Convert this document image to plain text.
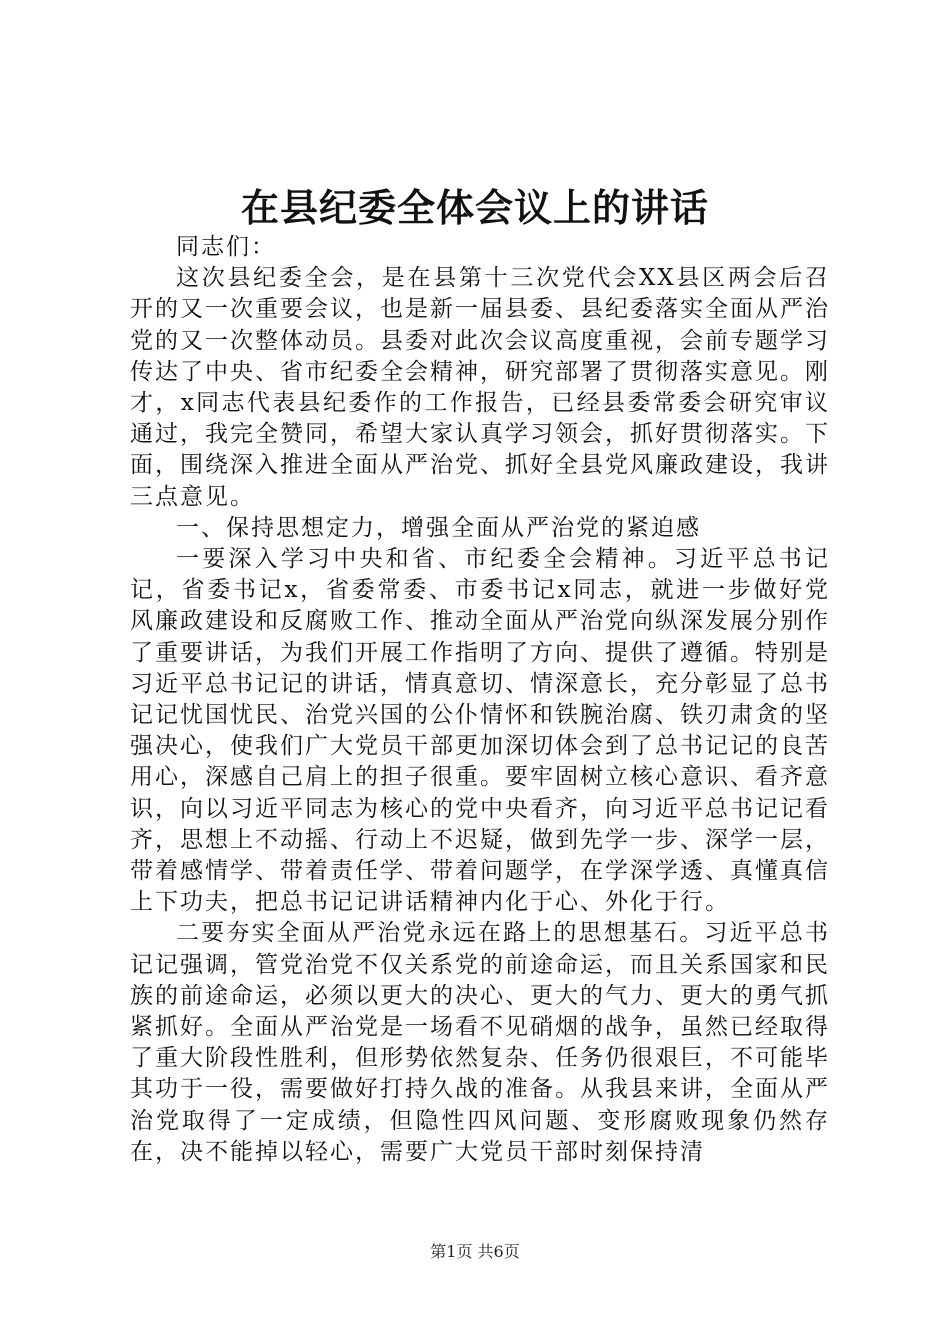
在县纪委全体会议上的讲话

同志们：

这次县纪委全会，是在县第十三次党代会XX县区两会后召开的又一次重要会议，也是新一届县委、县纪委落实全面从严治党的又一次整体动员。县委对此次会议高度重视，会前专题学习传达了中央、省市纪委全会精神，研究部署了贯彻落实意见。刚才，x同志代表县纪委作的工作报告，已经县委常委会研究审议通过，我完全赞同，希望大家认真学习领会，抓好贯彻落实。下面，围绕深入推进全面从严治党、抓好全县党风廉政建设，我讲三点意见。

一、保持思想定力，增强全面从严治党的紧迫感

一要深入学习中央和省、市纪委全会精神。习近平总书记记，省委书记x，省委常委、市委书记x同志，就进一步做好党风廉政建设和反腐败工作、推动全面从严治党向纵深发展分别作了重要讲话，为我们开展工作指明了方向、提供了遵循。特别是习近平总书记记的讲话，情真意切、情深意长，充分彰显了总书记记忧国忧民、治党兴国的公仆情怀和铁腕治腐、铁刃肃贪的坚强决心，使我们广大党员干部更加深切体会到了总书记记的良苦用心，深感自己肩上的担子很重。要牢固树立核心意识、看齐意识，向以习近平同志为核心的党中央看齐，向习近平总书记记看齐，思想上不动摇、行动上不迟疑，做到先学一步、深学一层，带着感情学、带着责任学、带着问题学，在学深学透、真懂真信上下功夫，把总书记记讲话精神内化于心、外化于行。

二要夯实全面从严治党永远在路上的思想基石。习近平总书记记强调，管党治党不仅关系党的前途命运，而且关系国家和民族的前途命运，必须以更大的决心、更大的气力、更大的勇气抓紧抓好。全面从严治党是一场看不见硝烟的战争，虽然已经取得了重大阶段性胜利，但形势依然复杂、任务仍很艰巨，不可能毕其功于一役，需要做好打持久战的准备。从我县来讲，全面从严治党取得了一定成绩，但隐性四风问题、变形腐败现象仍然存在，决不能掉以轻心，需要广大党员干部时刻保持清

第1页 共6页
